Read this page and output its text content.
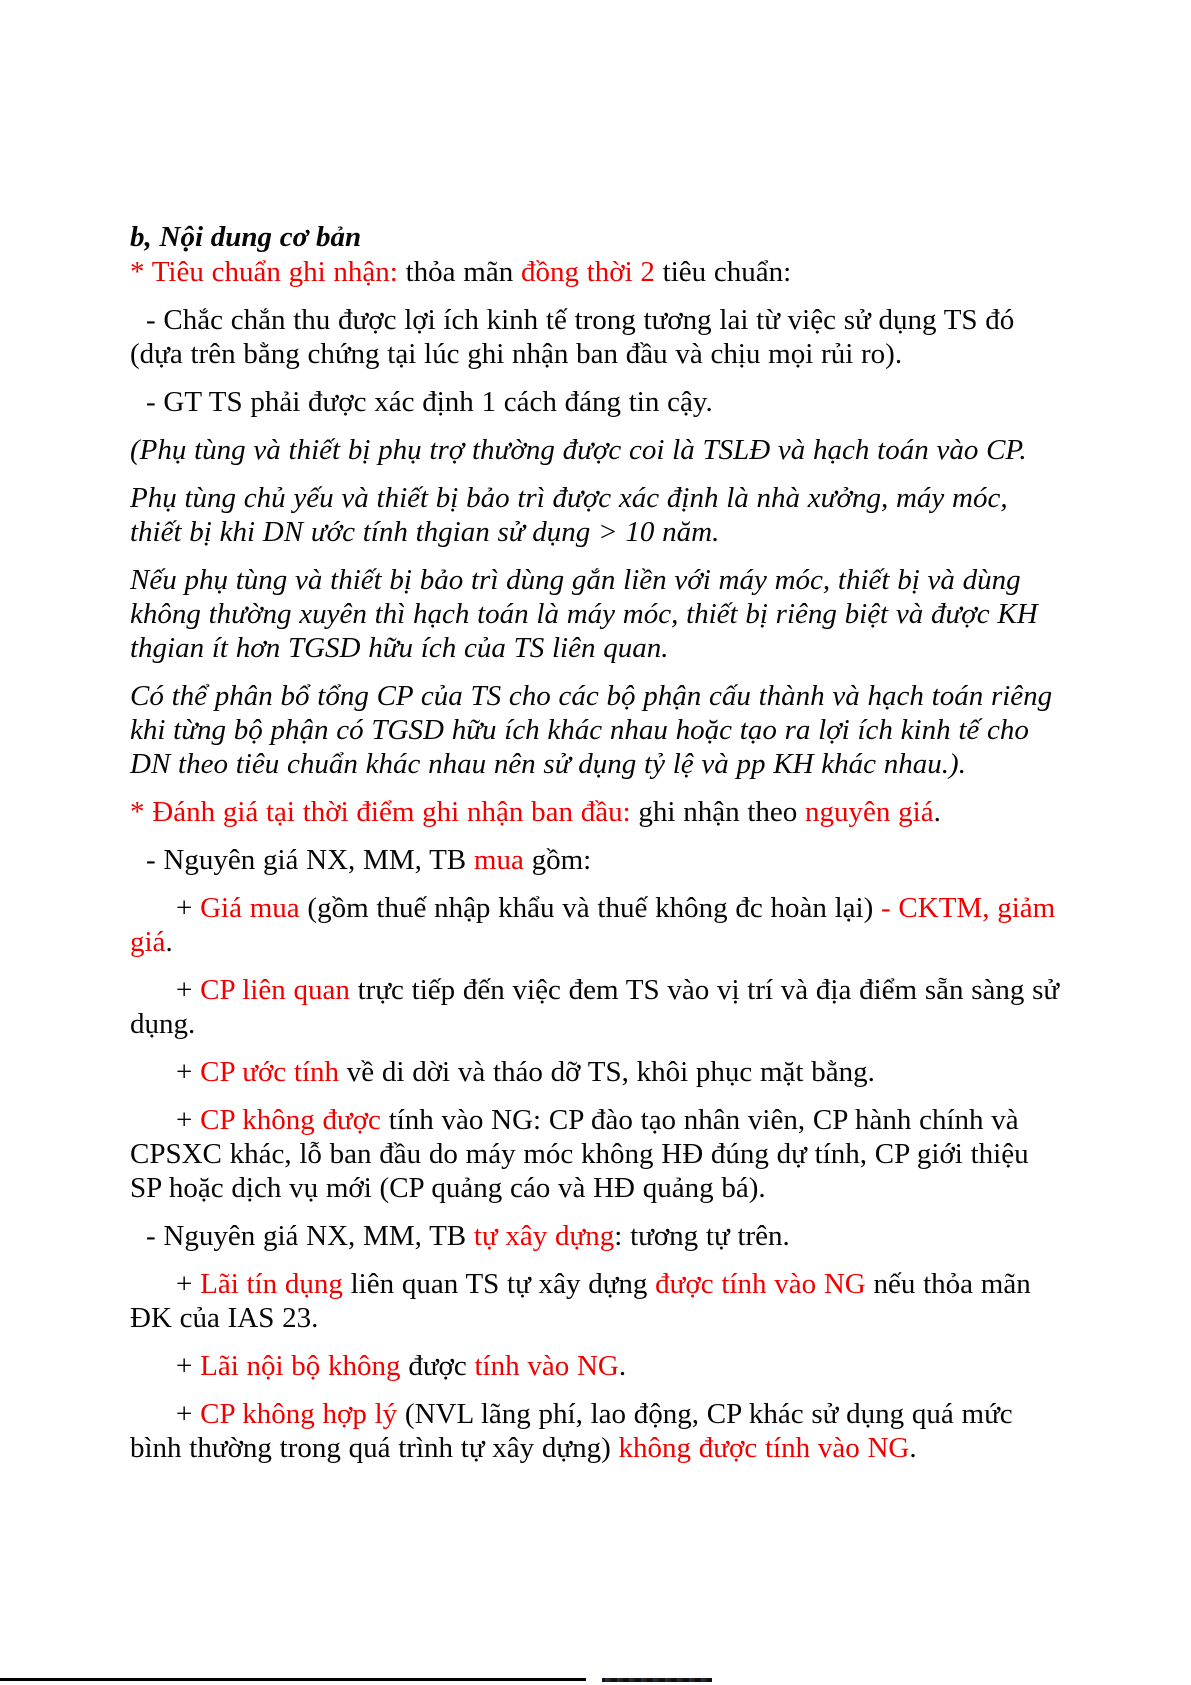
b, Nội dung cơ bản

* Tiêu chuẩn ghi nhận: thỏa mãn đồng thời 2 tiêu chuẩn:

- Chắc chắn thu được lợi ích kinh tế trong tương lai từ việc sử dụng TS đó (dựa trên bằng chứng tại lúc ghi nhận ban đầu và chịu mọi rủi ro).

- GT TS phải được xác định 1 cách đáng tin cậy.

(Phụ tùng và thiết bị phụ trợ thường được coi là TSLĐ và hạch toán vào CP.

Phụ tùng chủ yếu và thiết bị bảo trì được xác định là nhà xưởng, máy móc, thiết bị khi DN ước tính thgian sử dụng > 10 năm.

Nếu phụ tùng và thiết bị bảo trì dùng gắn liền với máy móc, thiết bị và dùng không thường xuyên thì hạch toán là máy móc, thiết bị riêng biệt và được KH thgian ít hơn TGSD hữu ích của TS liên quan.

Có thể phân bổ tổng CP của TS cho các bộ phận cấu thành và hạch toán riêng khi từng bộ phận có TGSD hữu ích khác nhau hoặc tạo ra lợi ích kinh tế cho DN theo tiêu chuẩn khác nhau nên sử dụng tỷ lệ và pp KH khác nhau.).

* Đánh giá tại thời điểm ghi nhận ban đầu: ghi nhận theo nguyên giá.

- Nguyên giá NX, MM, TB mua gồm:

+ Giá mua (gồm thuế nhập khẩu và thuế không đc hoàn lại) - CKTM, giảm giá.

+ CP liên quan trực tiếp đến việc đem TS vào vị trí và địa điểm sẵn sàng sử dụng.

+ CP ước tính về di dời và tháo dỡ TS, khôi phục mặt bằng.

+ CP không được tính vào NG: CP đào tạo nhân viên, CP hành chính và CPSXC khác, lỗ ban đầu do máy móc không HĐ đúng dự tính, CP giới thiệu SP hoặc dịch vụ mới (CP quảng cáo và HĐ quảng bá).

- Nguyên giá NX, MM, TB tự xây dựng: tương tự trên.

+ Lãi tín dụng liên quan TS tự xây dựng được tính vào NG nếu thỏa mãn ĐK của IAS 23.

+ Lãi nội bộ không được tính vào NG.

+ CP không hợp lý (NVL lãng phí, lao động, CP khác sử dụng quá mức bình thường trong quá trình tự xây dựng) không được tính vào NG.
